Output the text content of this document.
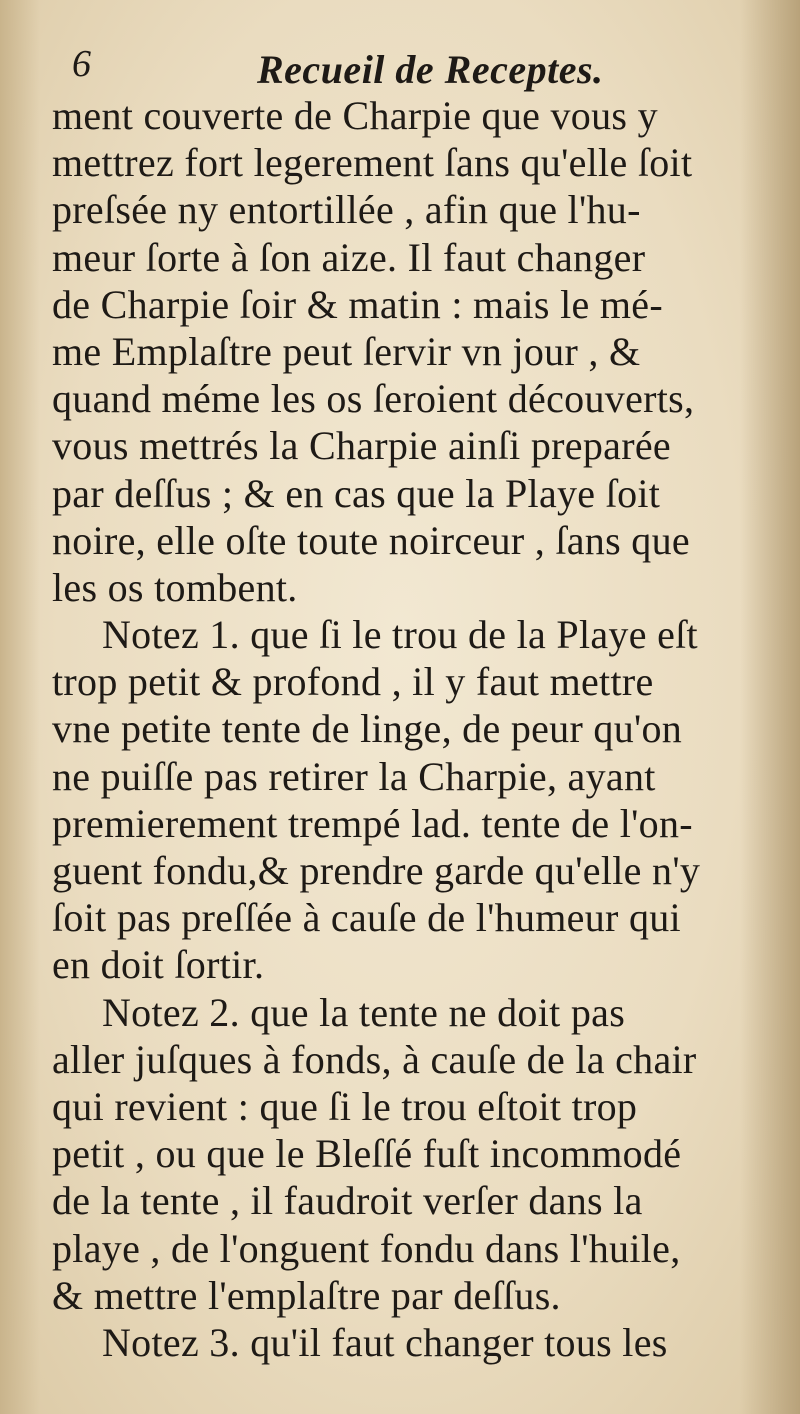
6	Recueil de Receptes.
ment couverte de Charpie que vous y
mettrez fort legerement ſans qu'elle ſoit
preſsée ny entortillée , afin que l'hu-
meur ſorte à ſon aize. Il faut changer
de Charpie ſoir & matin : mais le mé-
me Emplaſtre peut ſervir vn jour , &
quand méme les os ſeroient découverts,
vous mettrés la Charpie ainſi preparée
par deſſus ; & en cas que la Playe ſoit
noire, elle oſte toute noirceur , ſans que
les os tombent.
Notez 1. que ſi le trou de la Playe eſt
trop petit & profond , il y faut mettre
vne petite tente de linge, de peur qu'on
ne puiſſe pas retirer la Charpie, ayant
premierement trempé lad. tente de l'on-
guent fondu,& prendre garde qu'elle n'y
ſoit pas preſſée à cauſe de l'humeur qui
en doit ſortir.
Notez 2. que la tente ne doit pas
aller juſques à fonds, à cauſe de la chair
qui revient : que ſi le trou eſtoit trop
petit , ou que le Bleſſé fuſt incommodé
de la tente , il faudroit verſer dans la
playe , de l'onguent fondu dans l'huile,
& mettre l'emplaſtre par deſſus.
Notez 3. qu'il faut changer tous les
